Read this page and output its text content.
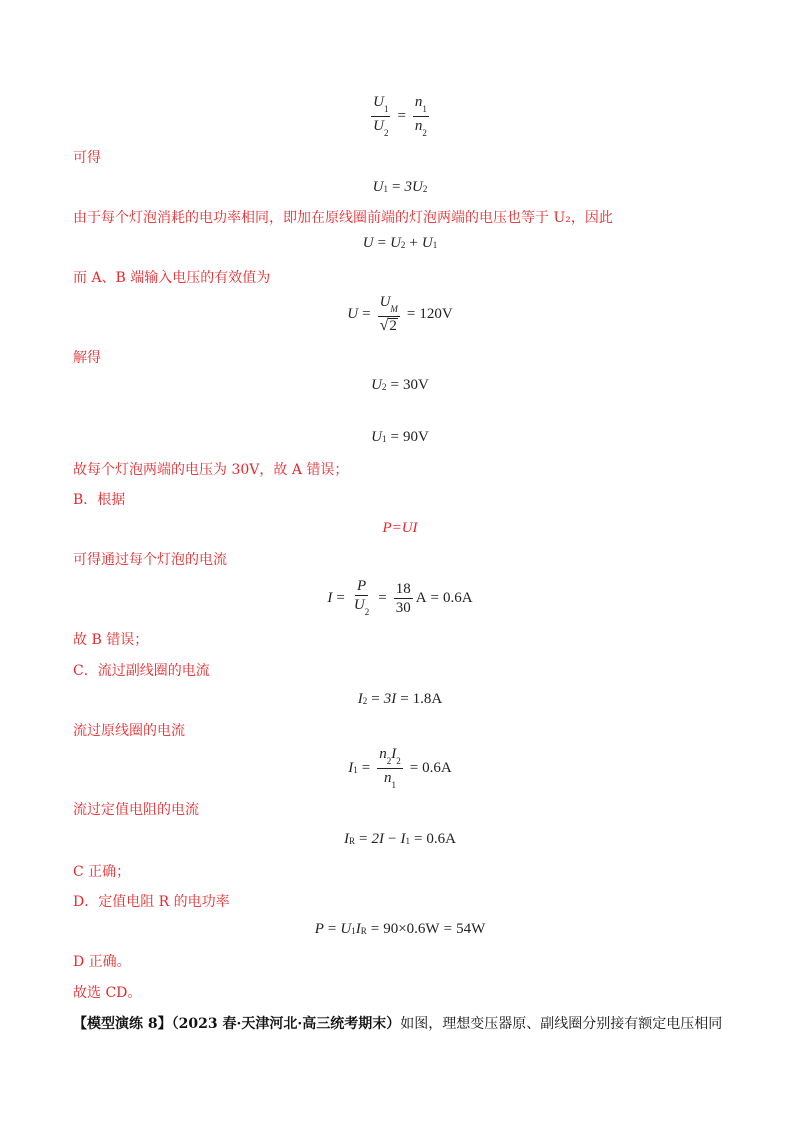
$\frac{U_1}{U_2} = \frac{n_1}{n_2}$
可得
U 1 = 3U 2
由于每个灯泡消耗的电功率相同，即加在原线圈前端的灯泡两端的电压也等于 U₂，因此
U = U 2 + U 1
而 A、B 端输入电压的有效值为
$U = \frac{U_M}{√ 2} = 120V$
解得
U 2 = 30V
U 1 = 90V
故每个灯泡两端的电压为 30V，故 A 错误；
B．根据
P=UI
可得通过每个灯泡的电流
$I = \frac{P}{U_2} = \frac{18}{30}$ A = 0.6A
故 B 错误；
C．流过副线圈的电流
I 2 = 3I = 1.8A
流过原线圈的电流
I $1 = \frac{n_2I_2}{n_1} = 0.6A$
流过定值电阻的电流
I R = 2I − I 1 = 0.6A
C 正确；
D．定值电阻 R 的电功率
P = U 1 I R = 90×0.6W = 54W
D 正确。
故选 CD。
【模型演练 8】（2023 春·天津河北·高三统考期末）如图，理想变压器原、副线圈分别接有额定电压相同
